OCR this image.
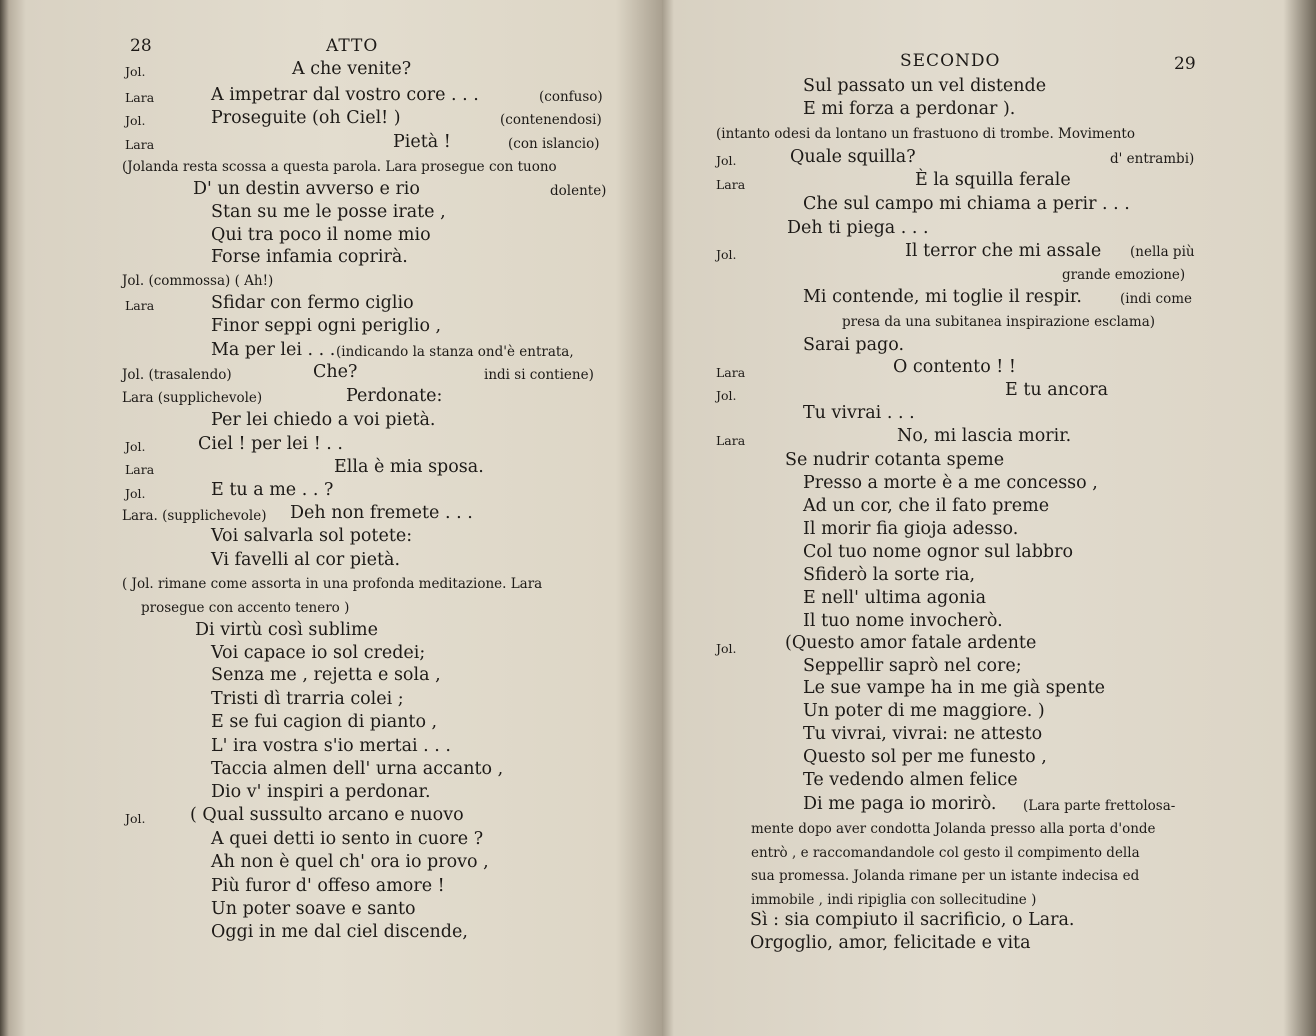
28	ATTO
Jol.	A che venite?
Lara	A impetrar dal vostro core . . .	(confuso)
Jol.	Proseguite (oh Ciel! )	(contenendosi)
Lara	Pietà !	(con islancio)
(Jolanda resta scossa a questa parola. Lara prosegue con tuono
D' un destin avverso e rio	dolente)
Stan su me le posse irate ,
Qui tra poco il nome mio
Forse infamia coprirà.
Jol. (commossa) ( Ah!)
Lara	Sfidar con fermo ciglio
Finor seppi ogni periglio ,
Ma per lei . . . (indicando la stanza ond'è entrata,
Jol. (trasalendo)	Che?	indi si contiene)
Lara (supplichevole)	Perdonate:
Per lei chiedo a voi pietà.
Jol.	Ciel ! per lei ! . .
Lara	Ella è mia sposa.
Jol.	E tu a me . . ?
Lara. (supplichevole) Deh non fremete . . .
Voi salvarla sol potete:
Vi favelli al cor pietà.
( Jol. rimane come assorta in una profonda meditazione. Lara
prosegue con accento tenero )
Di virtù così sublime
Voi capace io sol credei;
Senza me , rejetta e sola ,
Tristi dì trarria colei ;
E se fui cagion di pianto ,
L' ira vostra s'io mertai . . .
Taccia almen dell' urna accanto ,
Dio v' inspiri a perdonar.
Jol.	( Qual sussulto arcano e nuovo
A quei detti io sento in cuore ?
Ah non è quel ch' ora io provo ,
Più furor d' offeso amore !
Un poter soave e santo
Oggi in me dal ciel discende,
SECONDO	29
Sul passato un vel distende
E mi forza a perdonar ).
(intanto odesi da lontano un frastuono di trombe. Movimento
Jol.	Quale squilla?	d' entrambi)
Lara	È la squilla ferale
Che sul campo mi chiama a perir . . .
Deh ti piega . . .
Jol.	Il terror che mi assale (nella più
grande emozione)
Mi contende, mi toglie il respir.	(indi come
presa da una subitanea inspirazione esclama)
Sarai pago.
Lara	O contento ! !
Jol.	E tu ancora
Tu vivrai . . .
Lara	No, mi lascia morir.
Se nudrir cotanta speme
Presso a morte è a me concesso ,
Ad un cor, che il fato preme
Il morir fia gioja adesso.
Col tuo nome ognor sul labbro
Sfiderò la sorte ria,
E nell' ultima agonia
Il tuo nome invocherò.
Jol.	(Questo amor fatale ardente
Seppellir saprò nel core;
Le sue vampe ha in me già spente
Un poter di me maggiore. )
Tu vivrai, vivrai: ne attesto
Questo sol per me funesto ,
Te vedendo almen felice
Di me paga io morirò. (Lara parte frettolosa-
mente dopo aver condotta Jolanda presso alla porta d'onde
entrò , e raccomandandole col gesto il compimento della
sua promessa. Jolanda rimane per un istante indecisa ed
immobile , indi ripiglia con sollecitudine )
Sì : sia compiuto il sacrificio, o Lara.
Orgoglio, amor, felicitade e vita
